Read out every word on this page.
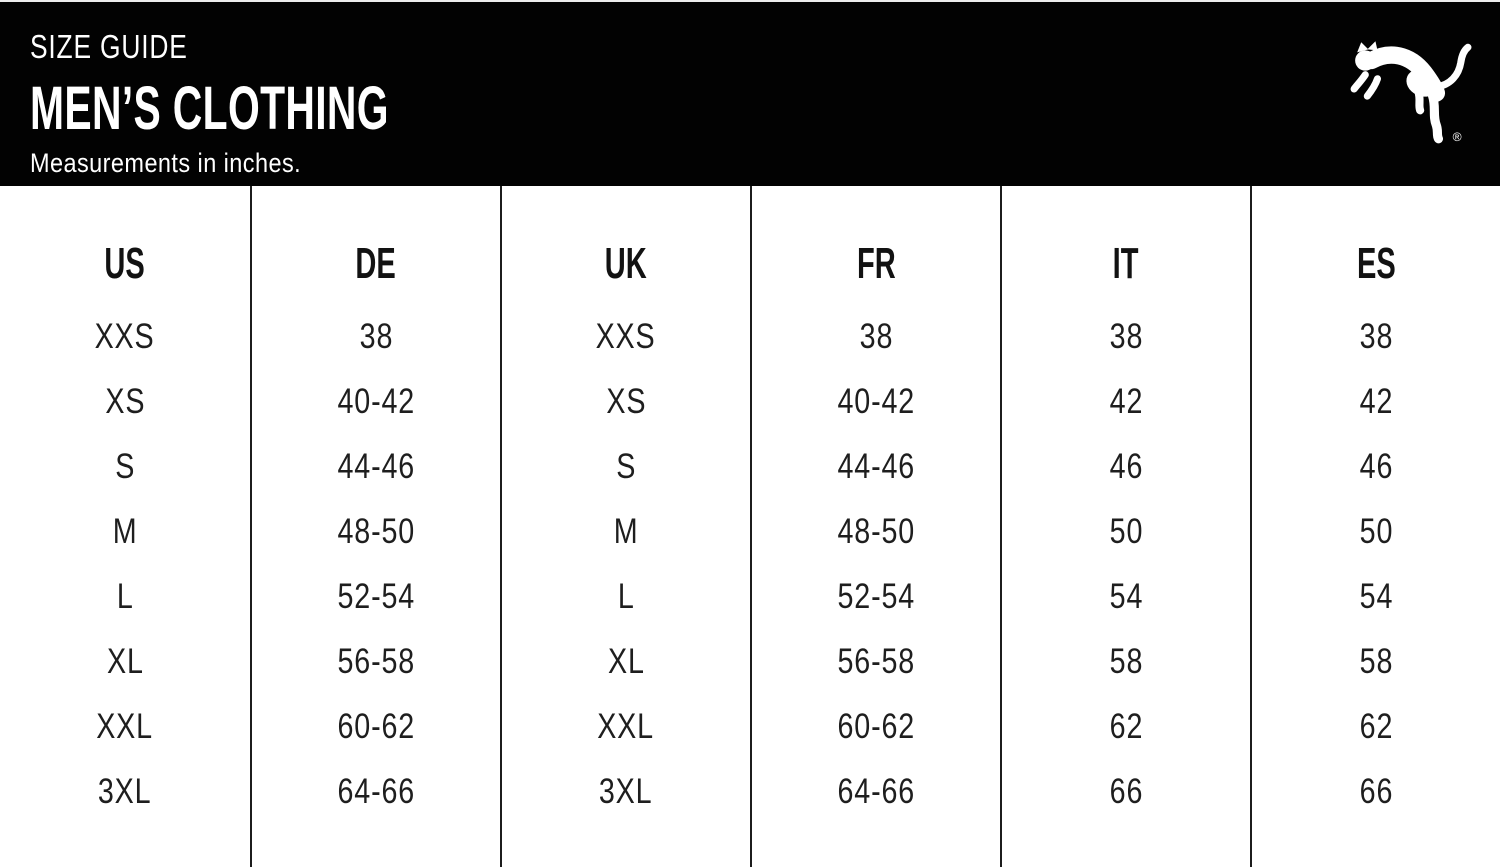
SIZE GUIDE
MEN’S CLOTHING
Measurements in inches.
®
US
XXS
XS
S
M
L
XL
XXL
3XL
DE
38
40-42
44-46
48-50
52-54
56-58
60-62
64-66
UK
XXS
XS
S
M
L
XL
XXL
3XL
FR
38
40-42
44-46
48-50
52-54
56-58
60-62
64-66
IT
38
42
46
50
54
58
62
66
ES
38
42
46
50
54
58
62
66
